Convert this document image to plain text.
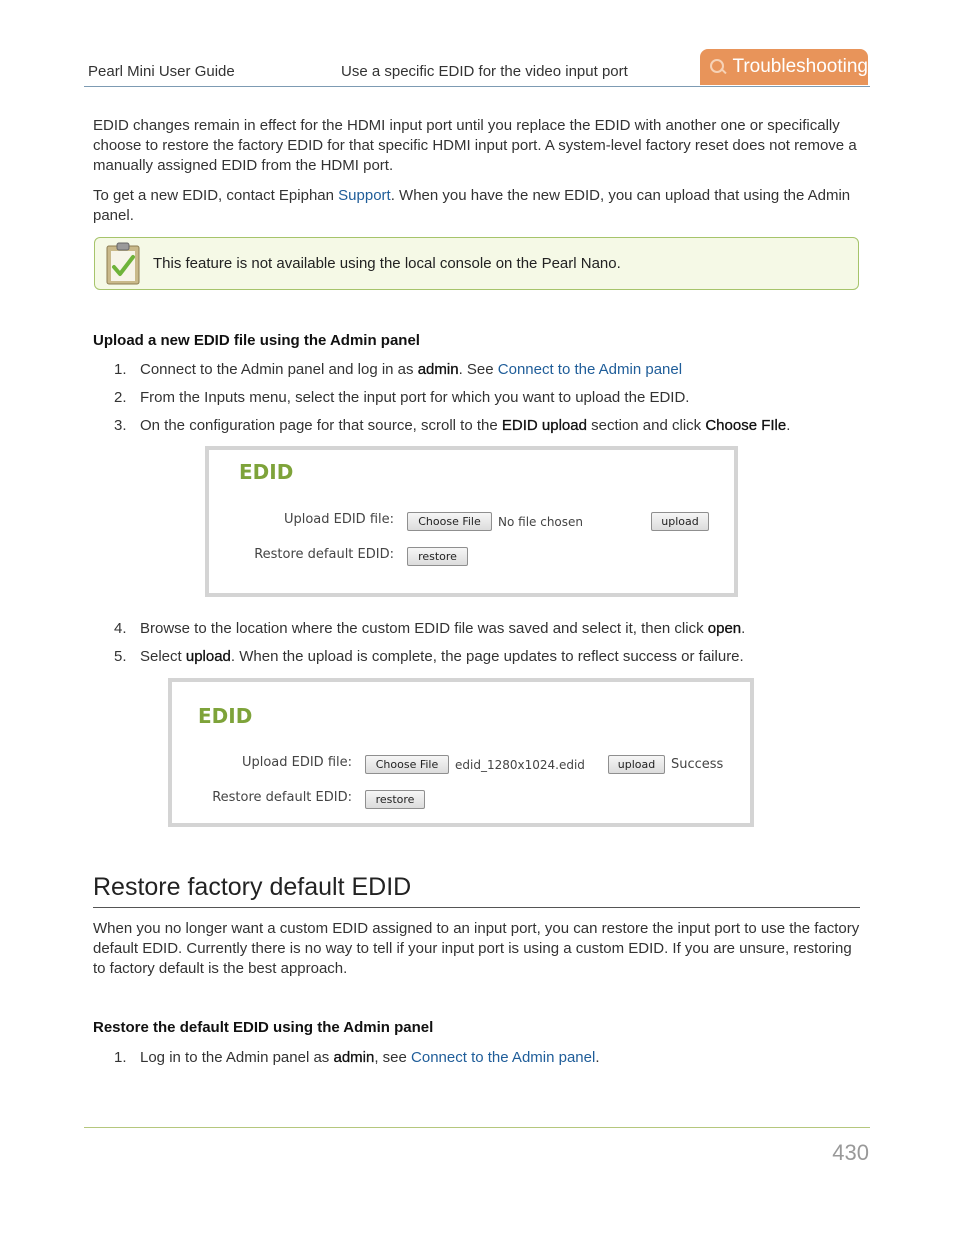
Pearl Mini User Guide	Use a specific EDID for the video input port	Troubleshooting

EDID changes remain in effect for the HDMI input port until you replace the EDID with another one or specifically choose to restore the factory EDID for that specific HDMI input port. A system-level factory reset does not remove a manually assigned EDID from the HDMI port.

To get a new EDID, contact Epiphan Support. When you have the new EDID, you can upload that using the Admin panel.

This feature is not available using the local console on the Pearl Nano.
Upload a new EDID file using the Admin panel
1. Connect to the Admin panel and log in as admin. See Connect to the Admin panel
2. From the Inputs menu, select the input port for which you want to upload the EDID.
3. On the configuration page for that source, scroll to the EDID upload section and click Choose FIle.
EDID
Upload EDID file:	Choose File	No file chosen	upload
Restore default EDID:	restore
4. Browse to the location where the custom EDID file was saved and select it, then click open.
5. Select upload. When the upload is complete, the page updates to reflect success or failure.
EDID
Upload EDID file:	Choose File	edid_1280x1024.edid	upload	Success
Restore default EDID:	restore
Restore factory default EDID

When you no longer want a custom EDID assigned to an input port, you can restore the input port to use the factory default EDID. Currently there is no way to tell if your input port is using a custom EDID. If you are unsure, restoring to factory default is the best approach.

Restore the default EDID using the Admin panel
1. Log in to the Admin panel as admin, see Connect to the Admin panel.
430
